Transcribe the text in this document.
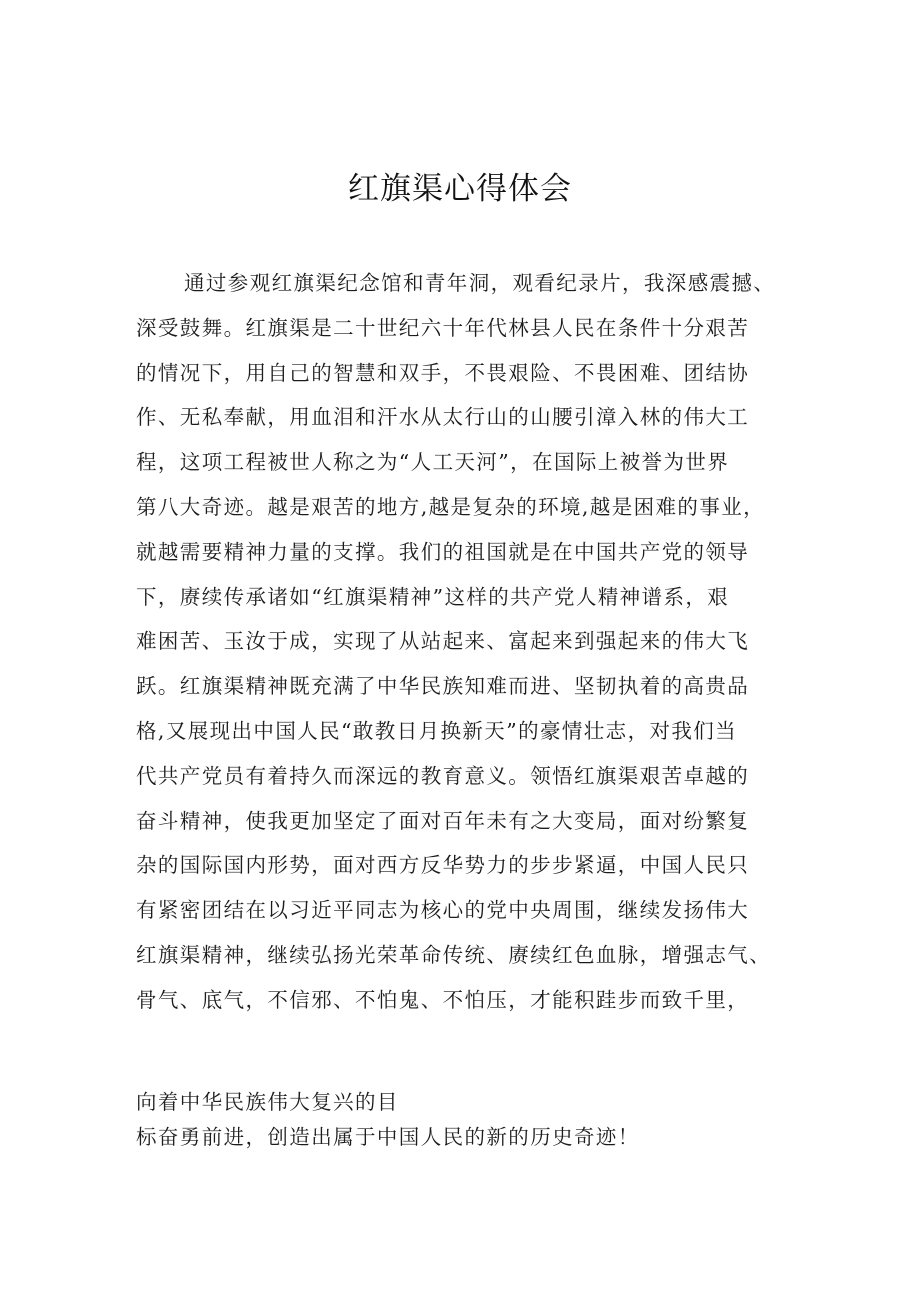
红旗渠心得体会
通过参观红旗渠纪念馆和青年洞，观看纪录片，我深感震撼、
深受鼓舞。红旗渠是二十世纪六十年代林县人民在条件十分艰苦
的情况下，用自己的智慧和双手，不畏艰险、不畏困难、团结协
作、无私奉献，用血泪和汗水从太行山的山腰引漳入林的伟大工
程，这项工程被世人称之为“人工天河”，在国际上被誉为世界
第八大奇迹。越是艰苦的地方,越是复杂的环境,越是困难的事业，
就越需要精神力量的支撑。我们的祖国就是在中国共产党的领导
下，赓续传承诸如“红旗渠精神”这样的共产党人精神谱系，艰
难困苦、玉汝于成，实现了从站起来、富起来到强起来的伟大飞
跃。红旗渠精神既充满了中华民族知难而进、坚韧执着的高贵品
格,又展现出中国人民“敢教日月换新天”的豪情壮志，对我们当
代共产党员有着持久而深远的教育意义。领悟红旗渠艰苦卓越的
奋斗精神，使我更加坚定了面对百年未有之大变局，面对纷繁复
杂的国际国内形势，面对西方反华势力的步步紧逼，中国人民只
有紧密团结在以习近平同志为核心的党中央周围，继续发扬伟大
红旗渠精神，继续弘扬光荣革命传统、赓续红色血脉，增强志气、
骨气、底气，不信邪、不怕鬼、不怕压，才能积跬步而致千里，
向着中华民族伟大复兴的目
标奋勇前进，创造出属于中国人民的新的历史奇迹！
